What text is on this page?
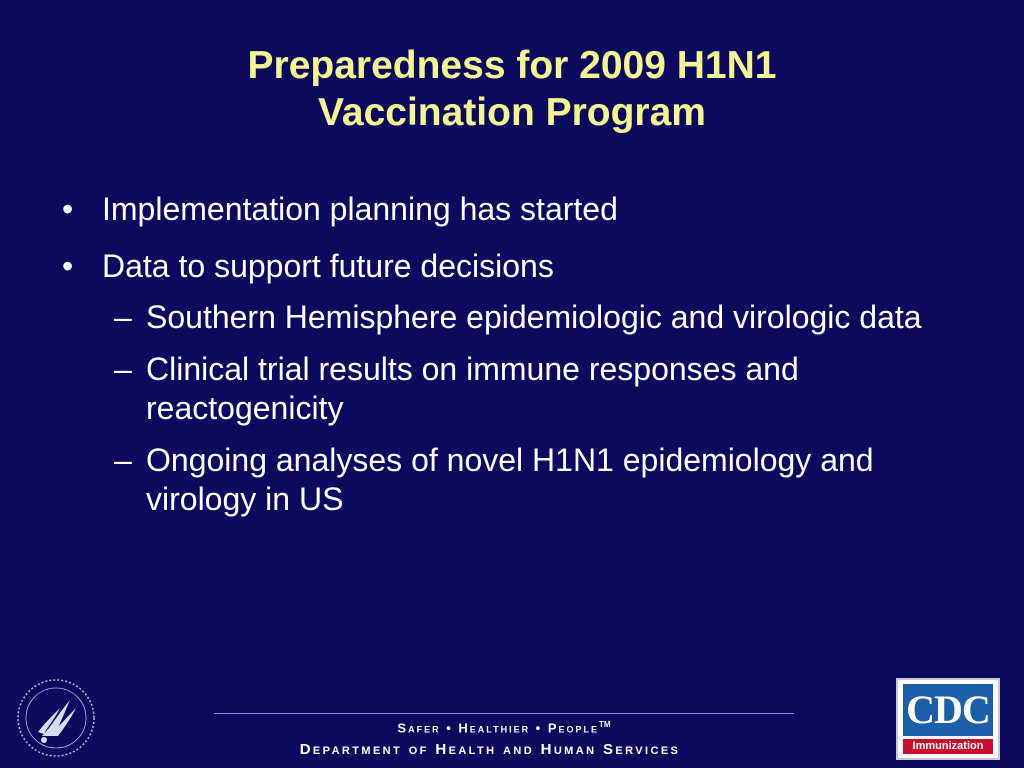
Preparedness for 2009 H1N1
Vaccination Program
• Implementation planning has started
• Data to support future decisions
– Southern Hemisphere epidemiologic and virologic data
– Clinical trial results on immune responses and reactogenicity
– Ongoing analyses of novel H1N1 epidemiology and virology in US
Safer • Healthier • People™
Department of Health and Human Services
CDC
Immunization
